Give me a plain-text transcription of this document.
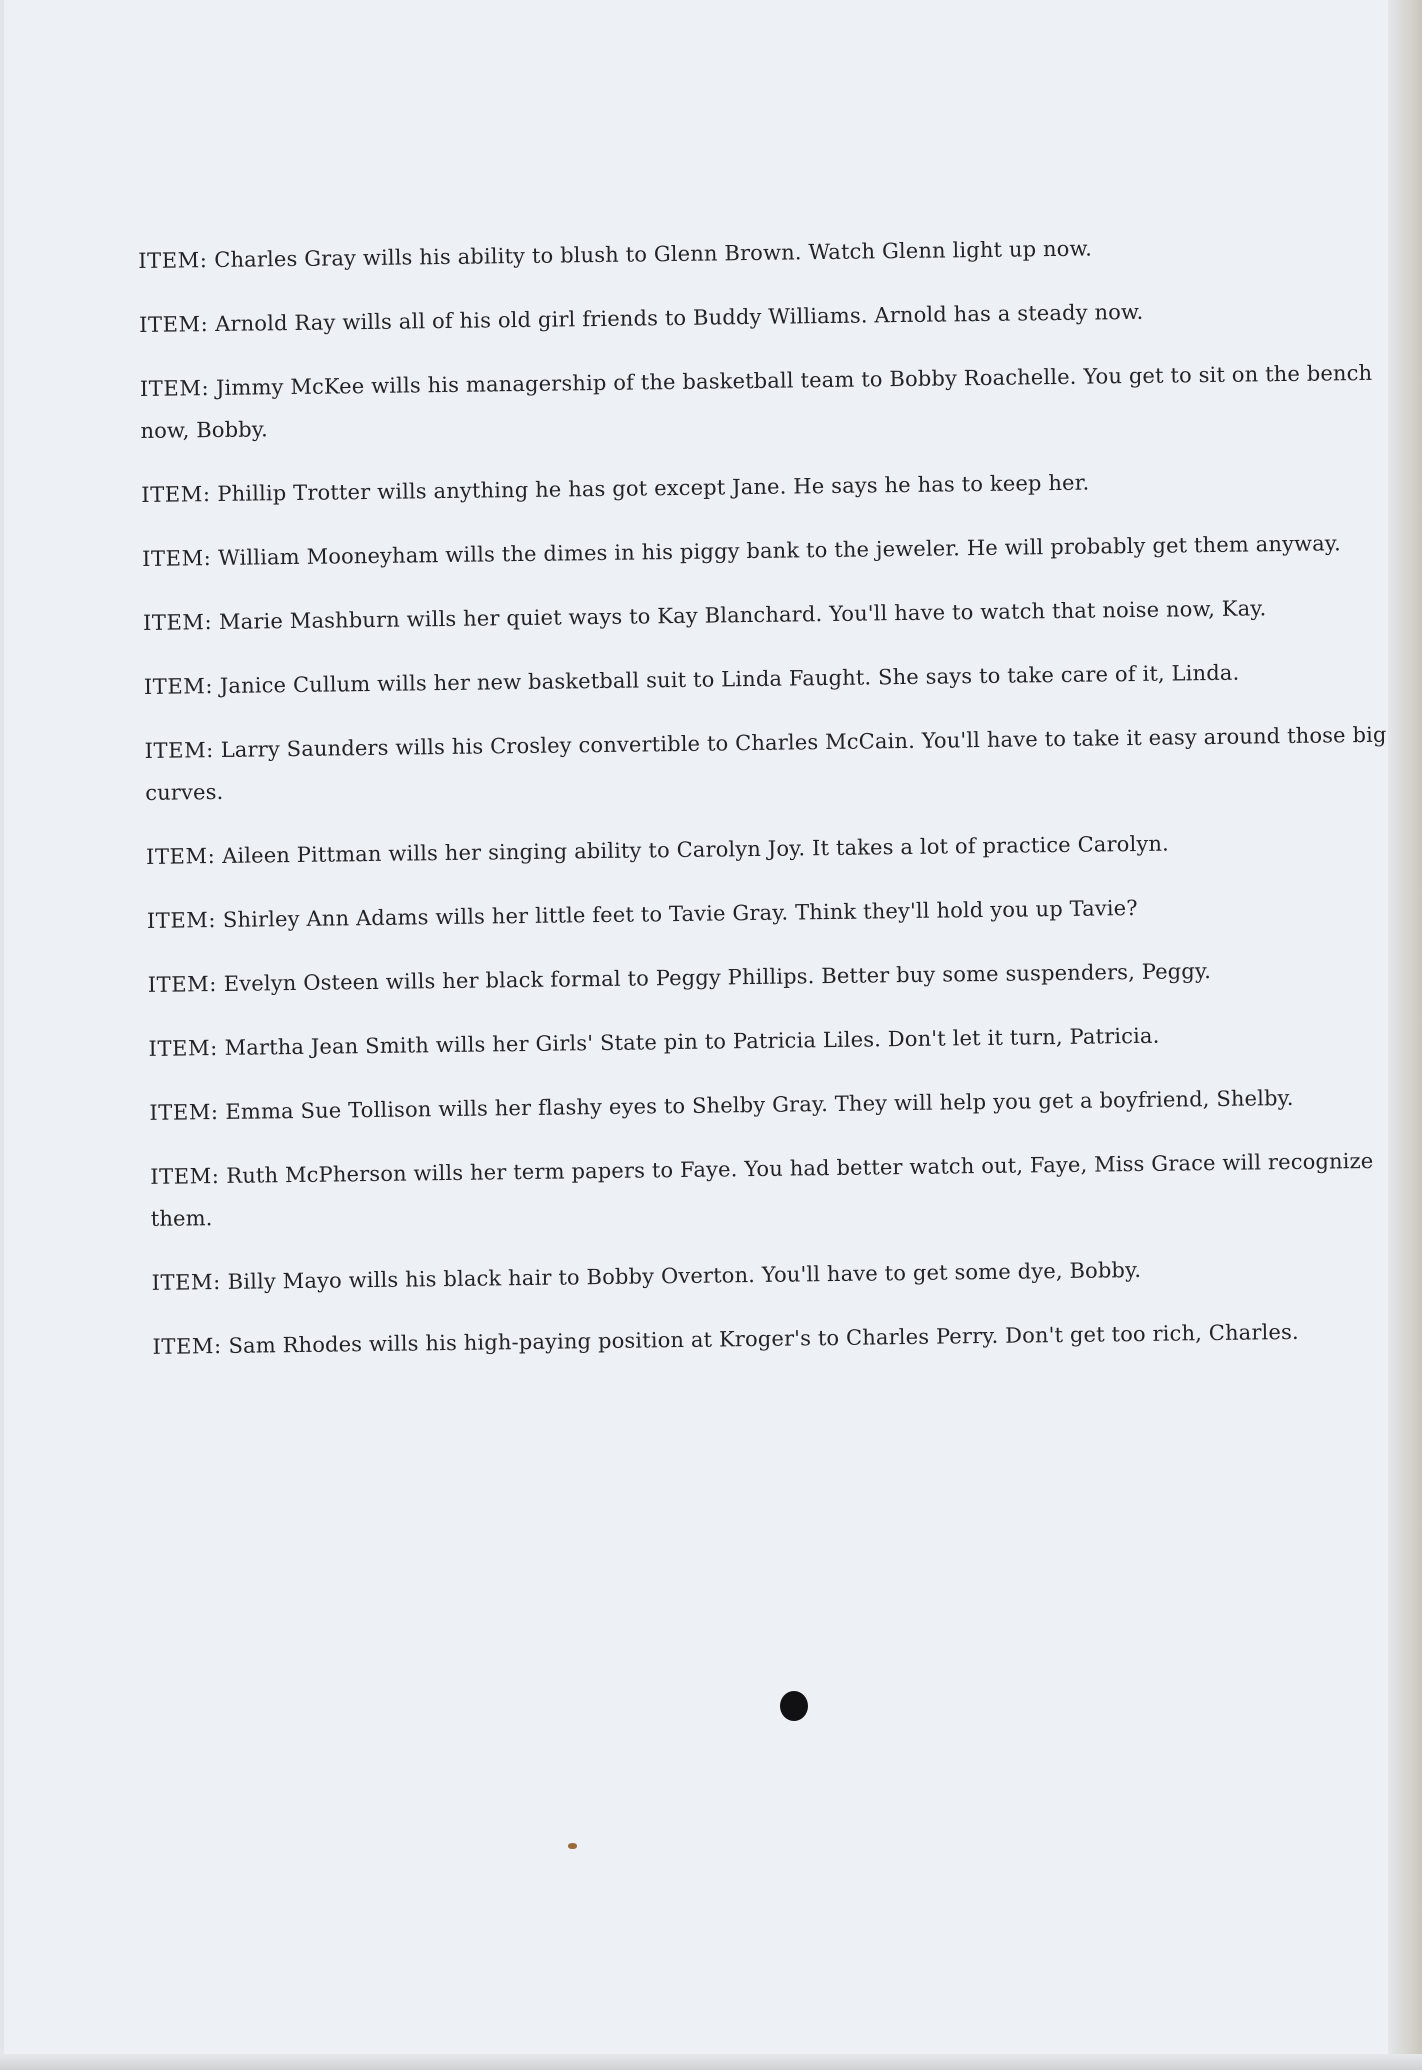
ITEM: Charles Gray wills his ability to blush to Glenn Brown. Watch Glenn light up now.

ITEM: Arnold Ray wills all of his old girl friends to Buddy Williams. Arnold has a steady now.

ITEM: Jimmy McKee wills his managership of the basketball team to Bobby Roachelle. You get to sit on the bench now, Bobby.

ITEM: Phillip Trotter wills anything he has got except Jane. He says he has to keep her.

ITEM: William Mooneyham wills the dimes in his piggy bank to the jeweler. He will probably get them anyway.

ITEM: Marie Mashburn wills her quiet ways to Kay Blanchard. You'll have to watch that noise now, Kay.

ITEM: Janice Cullum wills her new basketball suit to Linda Faught. She says to take care of it, Linda.

ITEM: Larry Saunders wills his Crosley convertible to Charles McCain. You'll have to take it easy around those big curves.

ITEM: Aileen Pittman wills her singing ability to Carolyn Joy. It takes a lot of practice Carolyn.

ITEM: Shirley Ann Adams wills her little feet to Tavie Gray. Think they'll hold you up Tavie?

ITEM: Evelyn Osteen wills her black formal to Peggy Phillips. Better buy some suspenders, Peggy.

ITEM: Martha Jean Smith wills her Girls' State pin to Patricia Liles. Don't let it turn, Patricia.

ITEM: Emma Sue Tollison wills her flashy eyes to Shelby Gray. They will help you get a boyfriend, Shelby.

ITEM: Ruth McPherson wills her term papers to Faye. You had better watch out, Faye, Miss Grace will recognize them.

ITEM: Billy Mayo wills his black hair to Bobby Overton. You'll have to get some dye, Bobby.

ITEM: Sam Rhodes wills his high-paying position at Kroger's to Charles Perry. Don't get too rich, Charles.
